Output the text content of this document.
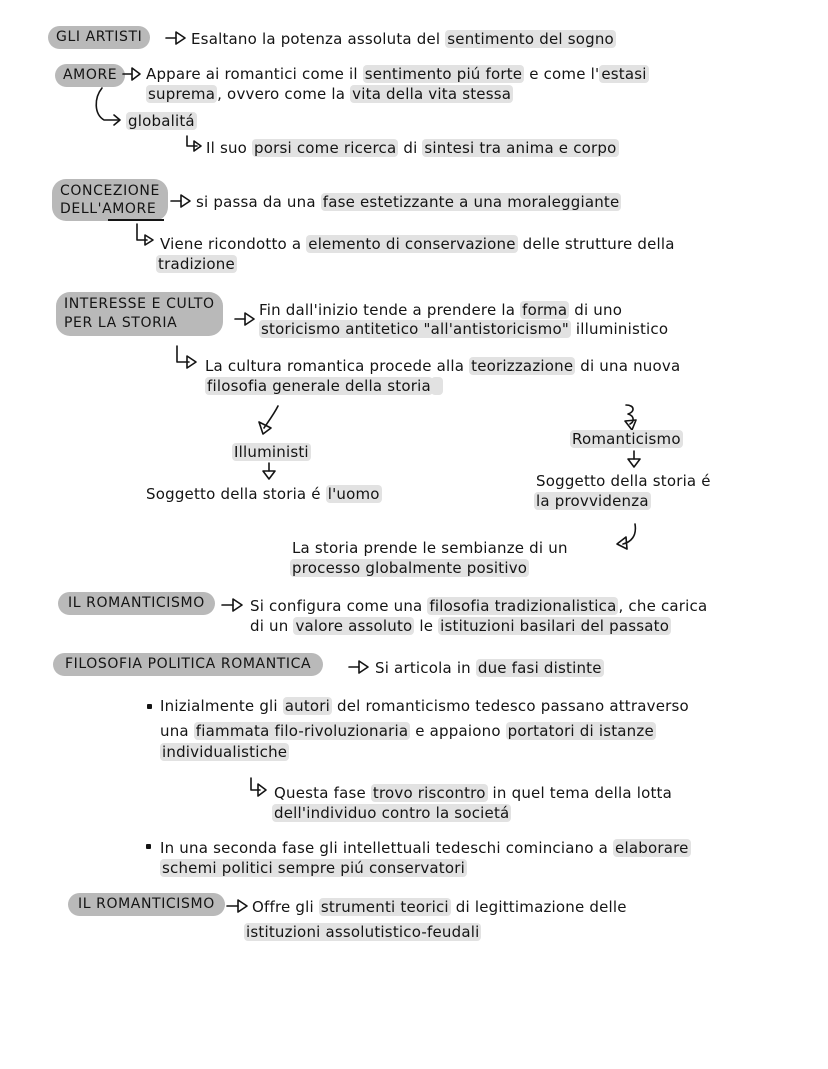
GLI ARTISTI	Esaltano la potenza assoluta del sentimento del sogno
AMORE	Appare ai romantici come il sentimento piú forte e come l' estasi
suprema , ovvero come la vita della vita stessa
globalitá
Il suo porsi come ricerca di sintesi tra anima e corpo
CONCEZIONE
DELL'AMORE	si passa da una fase estetizzante a una moraleggiante
Viene ricondotto a elemento di conservazione delle strutture della
tradizione
INTERESSE E CULTO
PER LA STORIA
Fin dall'inizio tende a prendere la forma di uno
storicismo antitetico "all'antistoricismo" illuministico
La cultura romantica procede alla teorizzazione di una nuova
filosofia generale della storia
Illuministi
Soggetto della storia é l'uomo
Romanticismo
Soggetto della storia é
la provvidenza
La storia prende le sembianze di un
processo globalmente positivo
IL ROMANTICISMO	Si configura come una filosofia tradizionalistica , che carica
di un valore assoluto le istituzioni basilari del passato
FILOSOFIA POLITICA ROMANTICA	Si articola in due fasi distinte
Inizialmente gli autori del romanticismo tedesco passano attraverso
una fiammata filo-rivoluzionaria e appaiono portatori di istanze
individualistiche
Questa fase trovo riscontro in quel tema della lotta
dell'individuo contro la societá
In una seconda fase gli intellettuali tedeschi cominciano a elaborare
schemi politici sempre piú conservatori
IL ROMANTICISMO	Offre gli strumenti teorici di legittimazione delle
istituzioni assolutistico-feudali
